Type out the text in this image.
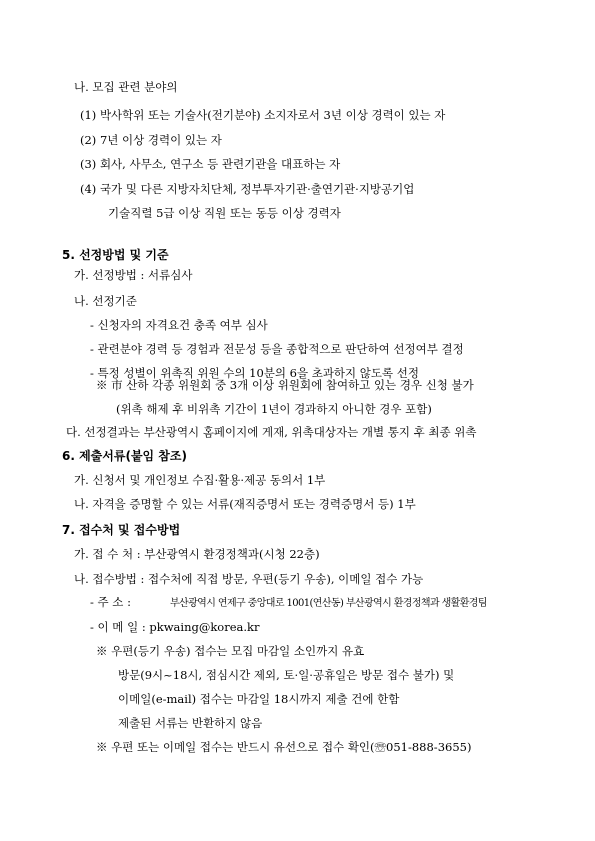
나. 모집 관련 분야의
(1) 박사학위 또는 기술사(전기분야) 소지자로서 3년 이상 경력이 있는 자
(2) 7년 이상 경력이 있는 자
(3) 회사, 사무소, 연구소 등 관련기관을 대표하는 자
(4) 국가 및 다른 지방자치단체, 정부투자기관·출연기관·지방공기업
기술직렬 5급 이상 직원 또는 동등 이상 경력자
5. 선정방법 및 기준
가. 선정방법 : 서류심사
나. 선정기준
- 신청자의 자격요건 충족 여부 심사
- 관련분야 경력 등 경험과 전문성 등을 종합적으로 판단하여 선정여부 결정
- 특정 성별이 위촉직 위원 수의 10분의 6을 초과하지 않도록 선정
※ 市 산하 각종 위원회 중 3개 이상 위원회에 참여하고 있는 경우 신청 불가
(위촉 해제 후 비위촉 기간이 1년이 경과하지 아니한 경우 포함)
다. 선정결과는 부산광역시 홈페이지에 게재, 위촉대상자는 개별 통지 후 최종 위촉
6. 제출서류(붙임 참조)
가. 신청서 및 개인정보 수집·활용·제공 동의서 1부
나. 자격을 증명할 수 있는 서류(재직증명서 또는 경력증명서 등) 1부
7. 접수처 및 접수방법
가. 접 수 처 : 부산광역시 환경정책과(시청 22층)
나. 접수방법 : 접수처에 직접 방문, 우편(등기 우송), 이메일 접수 가능
- 주 소 :	부산광역시 연제구 중앙대로 1001(연산동) 부산광역시 환경정책과 생활환경팀
- 이 메 일 : pkwaing@korea.kr
※ 우편(등기 우송) 접수는 모집 마감일 소인까지 유효
방문(9시~18시, 점심시간 제외, 토·일·공휴일은 방문 접수 불가) 및
이메일(e-mail) 접수는 마감일 18시까지 제출 건에 한함
제출된 서류는 반환하지 않음
※ 우편 또는 이메일 접수는 반드시 유선으로 접수 확인(☏051-888-3655)
